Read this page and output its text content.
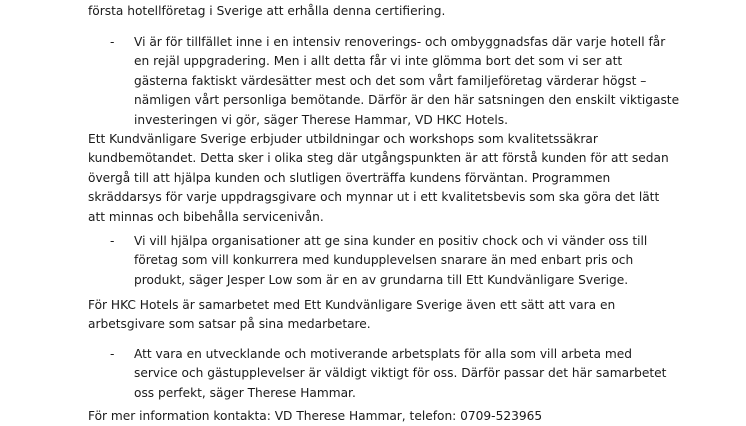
första hotellföretag i Sverige att erhålla denna certifiering.
- Vi är för tillfället inne i en intensiv renoverings- och ombyggnadsfas där varje hotell får
en rejäl uppgradering. Men i allt detta får vi inte glömma bort det som vi ser att
gästerna faktiskt värdesätter mest och det som vårt familjeföretag värderar högst –
nämligen vårt personliga bemötande. Därför är den här satsningen den enskilt viktigaste
investeringen vi gör, säger Therese Hammar, VD HKC Hotels.
Ett Kundvänligare Sverige erbjuder utbildningar och workshops som kvalitetssäkrar
kundbemötandet. Detta sker i olika steg där utgångspunkten är att förstå kunden för att sedan
övergå till att hjälpa kunden och slutligen överträffa kundens förväntan. Programmen
skräddarsys för varje uppdragsgivare och mynnar ut i ett kvalitetsbevis som ska göra det lätt
att minnas och bibehålla servicenivån.
- Vi vill hjälpa organisationer att ge sina kunder en positiv chock och vi vänder oss till
företag som vill konkurrera med kundupplevelsen snarare än med enbart pris och
produkt, säger Jesper Low som är en av grundarna till Ett Kundvänligare Sverige.
För HKC Hotels är samarbetet med Ett Kundvänligare Sverige även ett sätt att vara en
arbetsgivare som satsar på sina medarbetare.
- Att vara en utvecklande och motiverande arbetsplats för alla som vill arbeta med
service och gästupplevelser är väldigt viktigt för oss. Därför passar det här samarbetet
oss perfekt, säger Therese Hammar.
För mer information kontakta: VD Therese Hammar, telefon: 0709-523965
